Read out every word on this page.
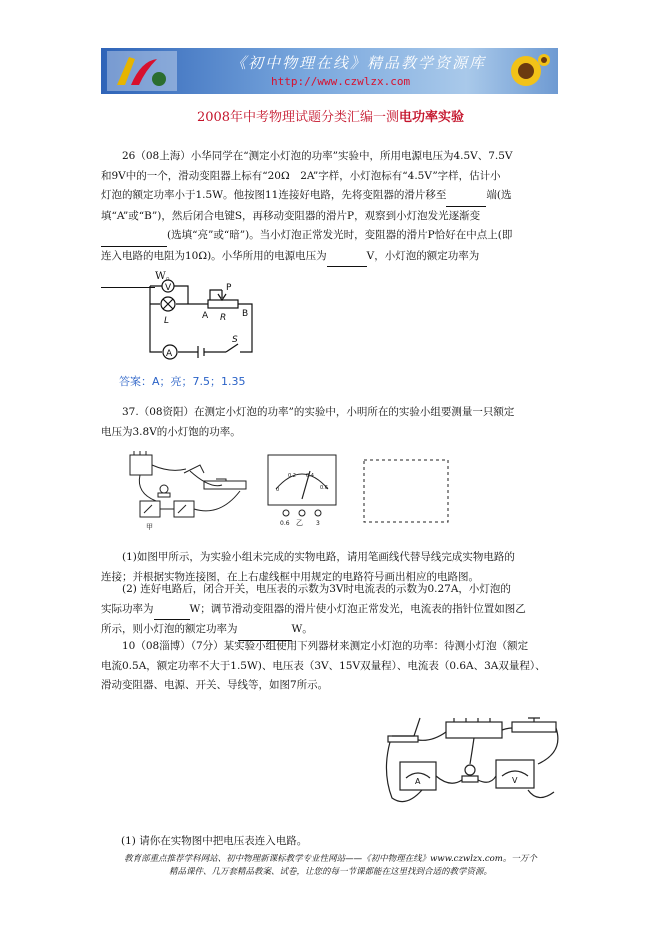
《初中物理在线》精品教学资源库
http://www.czwlzx.com
2008年中考物理试题分类汇编一测电功率实验
26（08上海）小华同学在“测定小灯泡的功率”实验中，所用电源电压为4.5V、7.5V
和9V中的一个，滑动变阻器上标有“20Ω　2A”字样，小灯泡标有“4.5V”字样，估计小
灯泡的额定功率小于1.5W。他按图11连接好电路，先将变阻器的滑片移至	端(选
填“A”或“B”)，然后闭合电键S，再移动变阻器的滑片P，观察到小灯泡发光逐渐变
(选填“亮”或“暗”)。当小灯泡正常发光时，变阻器的滑片P恰好在中点上(即
连入电路的电阻为10Ω)。小华所用的电源电压为	V，小灯泡的额定功率为
W。
V
L
A
S
P
A R B
答案：A；亮；7.5；1.35
37.（08资阳）在测定小灯泡的功率”的实验中，小明所在的实验小组要测量一只额定
电压为3.8V的小灯饱的功率。
甲
0
0.2 0.4
0.6
0.6	3
乙
(1)如图甲所示，为实验小组未完成的实物电路，请用笔画线代替导线完成实物电路的
连接；并根据实物连接图，在上右虚线框中用规定的电路符号画出相应的电路图。
(2) 连好电路后，闭合开关，电压表的示数为3V时电流表的示数为0.27A，小灯泡的
实际功率为	W；调节滑动变阻器的滑片使小灯泡正常发光，电流表的指针位置如图乙
所示，则小灯泡的额定功率为	W。
10（08淄博）（7分）某实验小组使用下列器材来测定小灯泡的功率：待测小灯泡（额定
电流0.5A，额定功率不大于1.5W)、电压表（3V、15V双量程）、电流表（0.6A、3A双量程）、
滑动变阻器、电源、开关、导线等，如图7所示。
A	V
(1) 请你在实物图中把电压表连入电路。
教育部重点推荐学科网站、初中物理新课标教学专业性网站——《初中物理在线》www.czwlzx.com。一万个
精品课件、几万套精品教案、试卷，让您的每一节课都能在这里找到合适的教学资源。
